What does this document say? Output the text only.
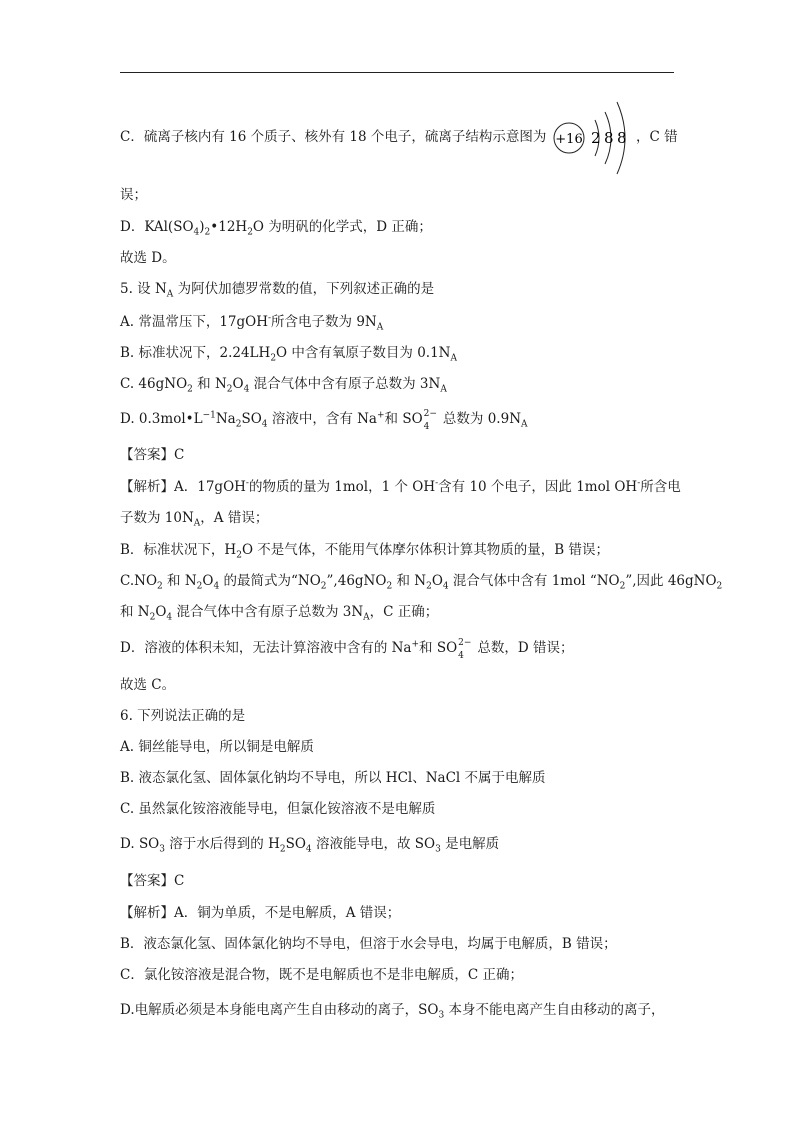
C．硫离子核内有 16 个质子、核外有 18 个电子，硫离子结构示意图为 +16 2 8 8 ，C 错
误；
D．$KAl(SO_4)_2•12H_2O$ 为明矾的化学式，D 正确；
故选 D。
5. 设 $N_A$ 为阿伏加德罗常数的值，下列叙述正确的是
A. 常温常压下，17gOH-所含电子数为 $9N_A$
B. 标准状况下，$2.24LH_2O$ 中含有氧原子数目为 $0.1N_A$
C. 46gNO$_2$ 和 $N_2O_4$ 混合气体中含有原子总数为 $3N_A$
D. $0.3mol•L^{-1}Na_2SO_4$ 溶液中，含有 Na+和 SO 2−
4 总数为 $0.9N_A$
【答案】C
【解析】A．17gOH-的物质的量为 1mol，1 个 OH-含有 10 个电子，因此 1mol OH-所含电
子数为 $10N_A$，A 错误；
B．标准状况下，$H_2O$ 不是气体，不能用气体摩尔体积计算其物质的量，B 错误；
$C.NO_2$ 和 $N_2O_4$ 的最简式为“$NO_2”,46gNO_2$ 和 $N_2O_4$ 混合气体中含有 1mol “$NO_2$”,因此 46gNO$_2$
和 $N_2O_4$ 混合气体中含有原子总数为 $3N_A$，C 正确；
D．溶液的体积未知，无法计算溶液中含有的 Na+和 SO 2−
4 总数，D 错误；
故选 C。
6. 下列说法正确的是
A. 铜丝能导电，所以铜是电解质
B. 液态氯化氢、固体氯化钠均不导电，所以 HCl、NaCl 不属于电解质
C. 虽然氯化铵溶液能导电，但氯化铵溶液不是电解质
D. $SO_3$ 溶于水后得到的 $H_2SO_4$ 溶液能导电，故 $SO_3$ 是电解质
【答案】C
【解析】A．铜为单质，不是电解质，A 错误；
B．液态氯化氢、固体氯化钠均不导电，但溶于水会导电，均属于电解质，B 错误；
C．氯化铵溶液是混合物，既不是电解质也不是非电解质，C 正确；
D.电解质必须是本身能电离产生自由移动的离子，$SO_3$ 本身不能电离产生自由移动的离子，
